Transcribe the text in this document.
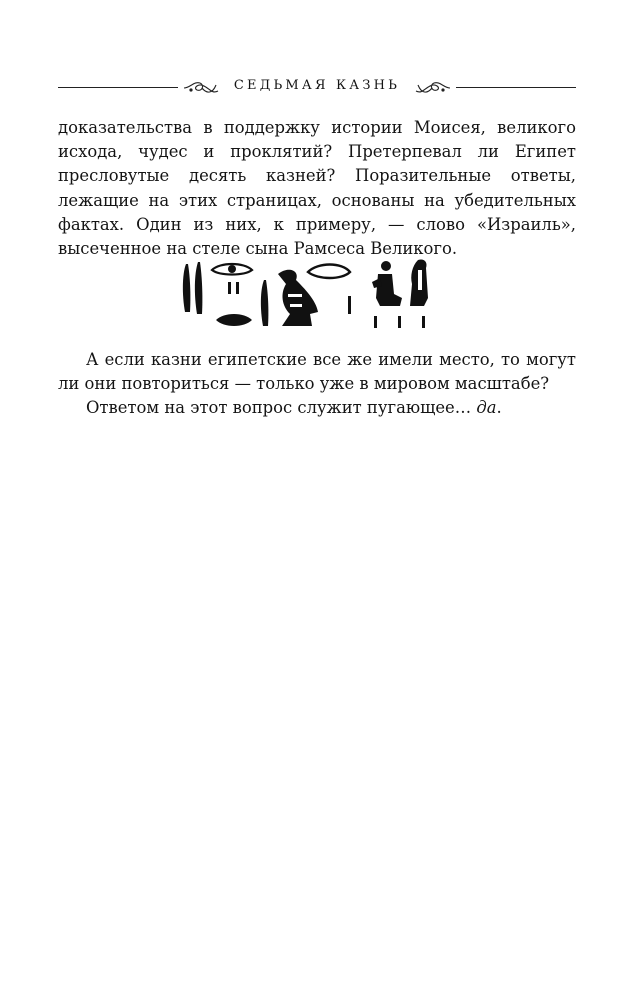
СЕДЬМАЯ КАЗНЬ

доказательства в поддержку истории Моисея, великого исхода, чудес и проклятий? Претерпевал ли Египет пресловутые десять казней? Поразительные ответы, лежащие на этих страницах, основаны на убедительных фактах. Один из них, к примеру, — слово «Израиль», высеченное на стеле сына Рамсеса Великого.

А если казни египетские все же имели место, то могут ли они повториться — только уже в мировом масштабе?

Ответом на этот вопрос служит пугающее… да.
